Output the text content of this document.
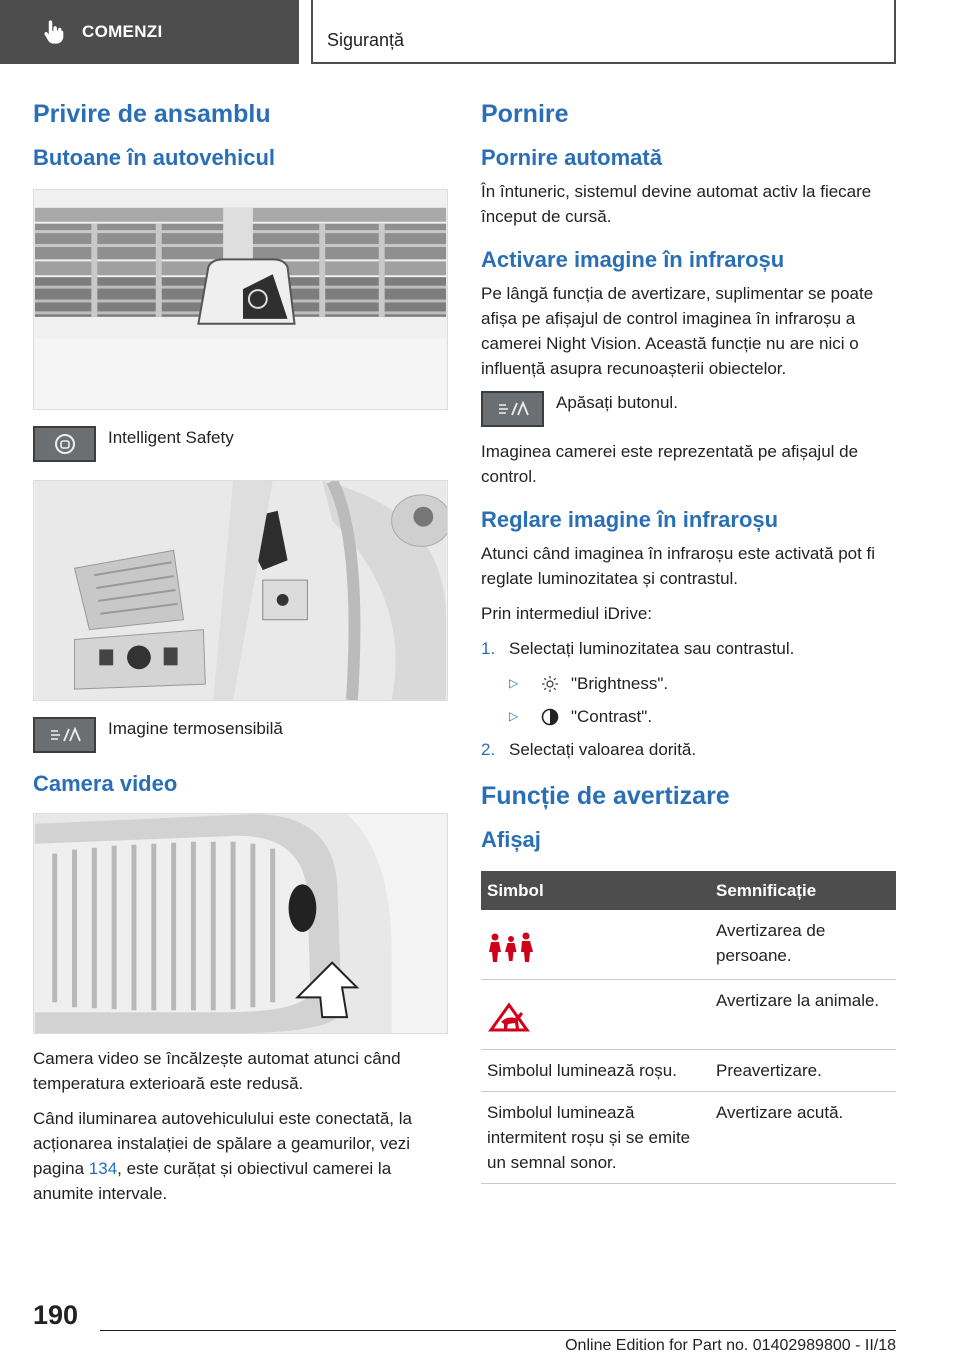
COMENZI	Siguranță
Privire de ansamblu
Butoane în autovehicul
Intelligent Safety
Imagine termosensibilă
Camera video
Camera video se încălzește automat atunci când temperatura exterioară este redusă.
Când iluminarea autovehiculului este conectată, la acționarea instalației de spălare a geamurilor, vezi pagina 134, este curățat și obiectivul camerei la anumite intervale.
Pornire
Pornire automată
În întuneric, sistemul devine automat activ la fiecare început de cursă.
Activare imagine în infraroșu
Pe lângă funcția de avertizare, suplimentar se poate afișa pe afișajul de control imaginea în infraroșu a camerei Night Vision. Această funcție nu are nici o influență asupra recunoașterii obiectelor.
Apăsați butonul.
Imaginea camerei este reprezentată pe afișajul de control.
Reglare imagine în infraroșu
Atunci când imaginea în infraroșu este activată pot fi reglate luminozitatea și contrastul.
Prin intermediul iDrive:
1. Selectați luminozitatea sau contrastul.
▷	"Brightness".
▷	"Contrast".
2. Selectați valoarea dorită.
Funcție de avertizare
Afișaj
Simbol	Semnificație
	Avertizarea de persoane.
	Avertizare la animale.
Simbolul luminează roșu.	Preavertizare.
Simbolul luminează intermitent roșu și se emite un semnal sonor.	Avertizare acută.
190
Online Edition for Part no. 01402989800 - II/18
